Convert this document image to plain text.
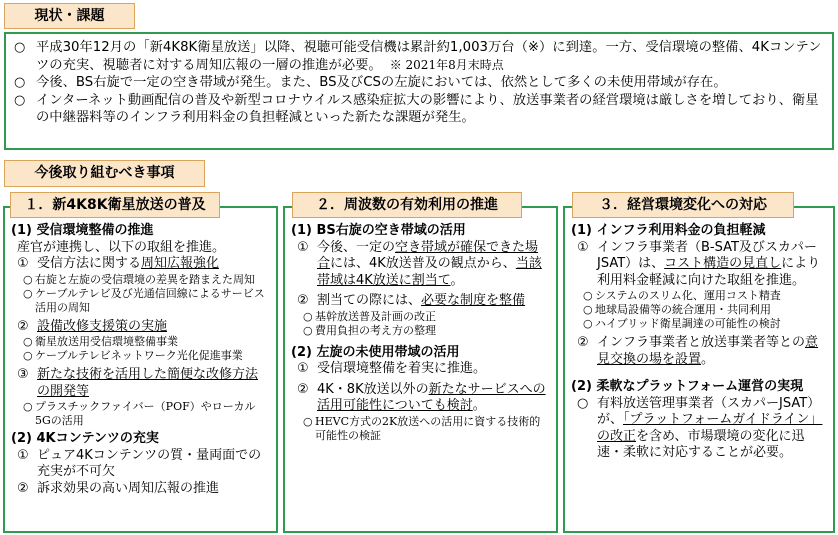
現状・課題
○ 平成30年12月の「新4K8K衛星放送」以降、視聴可能受信機は累計約1,003万台（※）に到達。一方、受信環境の整備、4Kコンテンツの充実、視聴者に対する周知広報の一層の推進が必要。 ※ 2021年8月末時点
○ 今後、BS右旋で一定の空き帯域が発生。また、BS及びCSの左旋においては、依然として多くの未使用帯域が存在。
○ インターネット動画配信の普及や新型コロナウイルス感染症拡大の影響により、放送事業者の経営環境は厳しさを増しており、衛星の中継器料等のインフラ利用料金の負担軽減といった新たな課題が発生。
今後取り組むべき事項
(1) 受信環境整備の推進
産官が連携し、以下の取組を推進。
① 受信方法に関する周知広報強化
○ 右旋と左旋の受信環境の差異を踏まえた周知
○ ケーブルテレビ及び光通信回線によるサービス活用の周知
② 設備改修支援策の実施
○ 衛星放送用受信環境整備事業
○ ケーブルテレビネットワーク光化促進事業
③ 新たな技術を活用した簡便な改修方法の開発等
○ プラスチックファイバー（POF）やローカル5Gの活用
(2) 4Kコンテンツの充実
① ピュア4Kコンテンツの質・量両面での充実が不可欠
② 訴求効果の高い周知広報の推進
１．新4K8K衛星放送の普及
(1) BS右旋の空き帯域の活用
① 今後、一定の空き帯域が確保できた場合には、4K放送普及の観点から、当該帯域は4K放送に割当て。
② 割当ての際には、必要な制度を整備
○ 基幹放送普及計画の改正
○ 費用負担の考え方の整理
(2) 左旋の未使用帯域の活用
① 受信環境整備を着実に推進。
② 4K・8K放送以外の新たなサービスへの活用可能性についても検討。
○ HEVC方式の2K放送への活用に資する技術的可能性の検証
２．周波数の有効利用の推進
(1) インフラ利用料金の負担軽減
① インフラ事業者（B-SAT及びスカパーJSAT）は、コスト構造の見直しにより利用料金軽減に向けた取組を推進。
○ システムのスリム化、運用コスト精査
○ 地球局設備等の統合運用・共同利用
○ ハイブリッド衛星調達の可能性の検討
② インフラ事業者と放送事業者等との意見交換の場を設置。
(2) 柔軟なプラットフォーム運営の実現
○ 有料放送管理事業者（スカパーJSAT）が、「プラットフォームガイドライン」の改正を含め、市場環境の変化に迅速・柔軟に対応することが必要。
３．経営環境変化への対応
